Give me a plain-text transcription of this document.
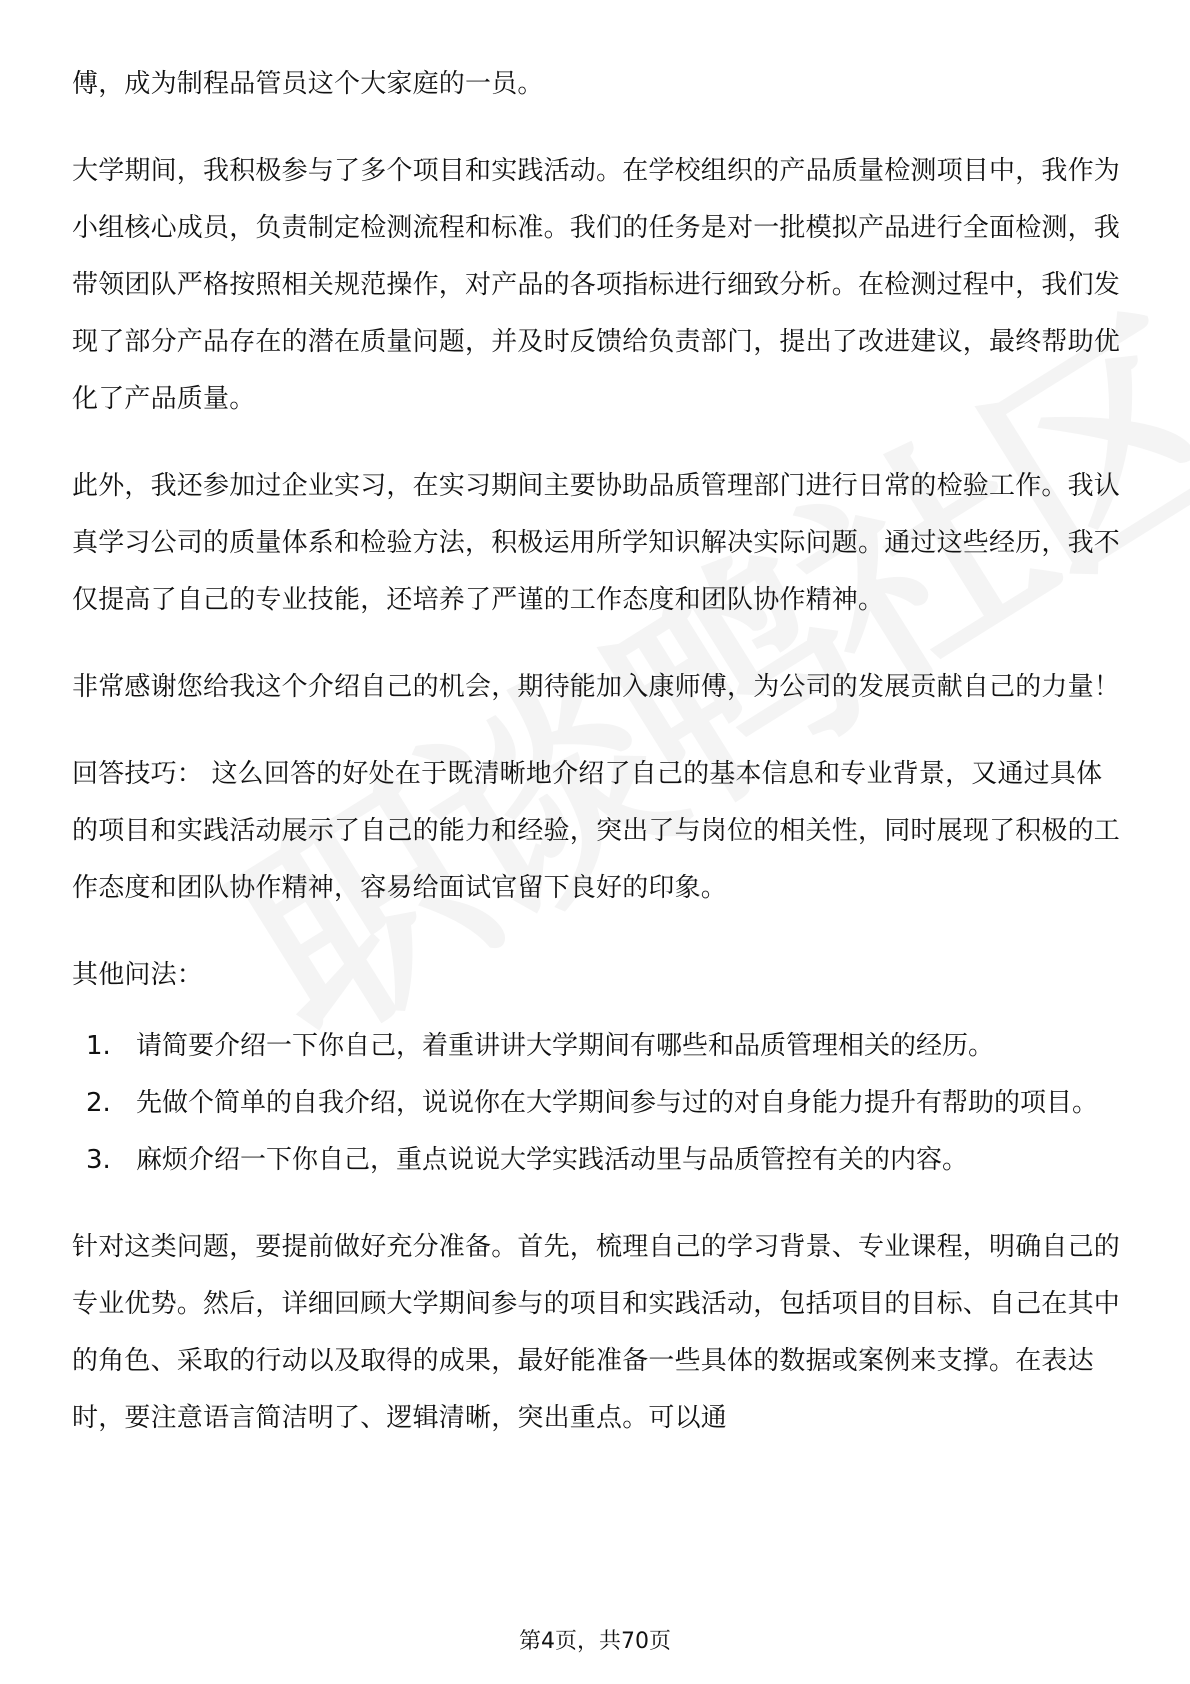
傅，成为制程品管员这个大家庭的一员。

大学期间，我积极参与了多个项目和实践活动。在学校组织的产品质量检测项目中，我作为小组核心成员，负责制定检测流程和标准。我们的任务是对一批模拟产品进行全面检测，我带领团队严格按照相关规范操作，对产品的各项指标进行细致分析。在检测过程中，我们发现了部分产品存在的潜在质量问题，并及时反馈给负责部门，提出了改进建议，最终帮助优化了产品质量。

此外，我还参加过企业实习，在实习期间主要协助品质管理部门进行日常的检验工作。我认真学习公司的质量体系和检验方法，积极运用所学知识解决实际问题。通过这些经历，我不仅提高了自己的专业技能，还培养了严谨的工作态度和团队协作精神。

非常感谢您给我这个介绍自己的机会，期待能加入康师傅，为公司的发展贡献自己的力量！

回答技巧： 这么回答的好处在于既清晰地介绍了自己的基本信息和专业背景，又通过具体的项目和实践活动展示了自己的能力和经验，突出了与岗位的相关性，同时展现了积极的工作态度和团队协作精神，容易给面试官留下良好的印象。

其他问法：

1. 请简要介绍一下你自己，着重讲讲大学期间有哪些和品质管理相关的经历。
2. 先做个简单的自我介绍，说说你在大学期间参与过的对自身能力提升有帮助的项目。
3. 麻烦介绍一下你自己，重点说说大学实践活动里与品质管控有关的内容。

针对这类问题，要提前做好充分准备。首先，梳理自己的学习背景、专业课程，明确自己的专业优势。然后，详细回顾大学期间参与的项目和实践活动，包括项目的目标、自己在其中的角色、采取的行动以及取得的成果，最好能准备一些具体的数据或案例来支撑。在表达时，要注意语言简洁明了、逻辑清晰，突出重点。可以通

第4页，共70页
